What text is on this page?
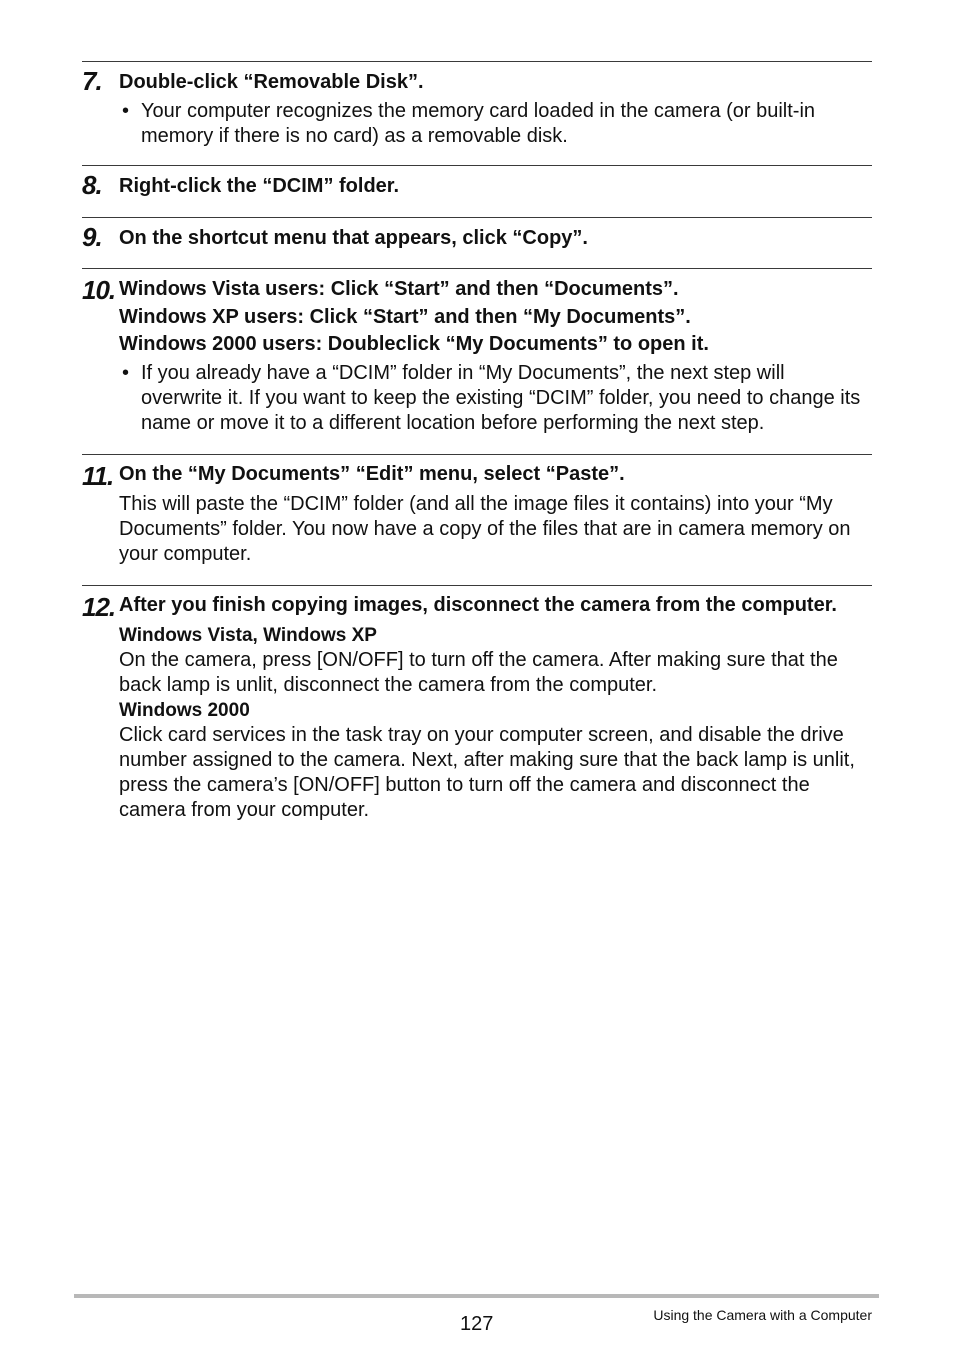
7. Double-click “Removable Disk”.

• Your computer recognizes the memory card loaded in the camera (or built-in memory if there is no card) as a removable disk.
8. Right-click the “DCIM” folder.

9. On the shortcut menu that appears, click “Copy”.

10. Windows Vista users: Click “Start” and then “Documents”.

Windows XP users: Click “Start” and then “My Documents”.

Windows 2000 users: Doubleclick “My Documents” to open it.

• If you already have a “DCIM” folder in “My Documents”, the next step will overwrite it. If you want to keep the existing “DCIM” folder, you need to change its name or move it to a different location before performing the next step.
11. On the “My Documents” “Edit” menu, select “Paste”.

This will paste the “DCIM” folder (and all the image files it contains) into your “My Documents” folder. You now have a copy of the files that are in camera memory on your computer.
12. After you finish copying images, disconnect the camera from the computer.

Windows Vista, Windows XP
On the camera, press [ON/OFF] to turn off the camera. After making sure that the back lamp is unlit, disconnect the camera from the computer.
Windows 2000
Click card services in the task tray on your computer screen, and disable the drive number assigned to the camera. Next, after making sure that the back lamp is unlit, press the camera’s [ON/OFF] button to turn off the camera and disconnect the camera from your computer.
127	Using the Camera with a Computer
